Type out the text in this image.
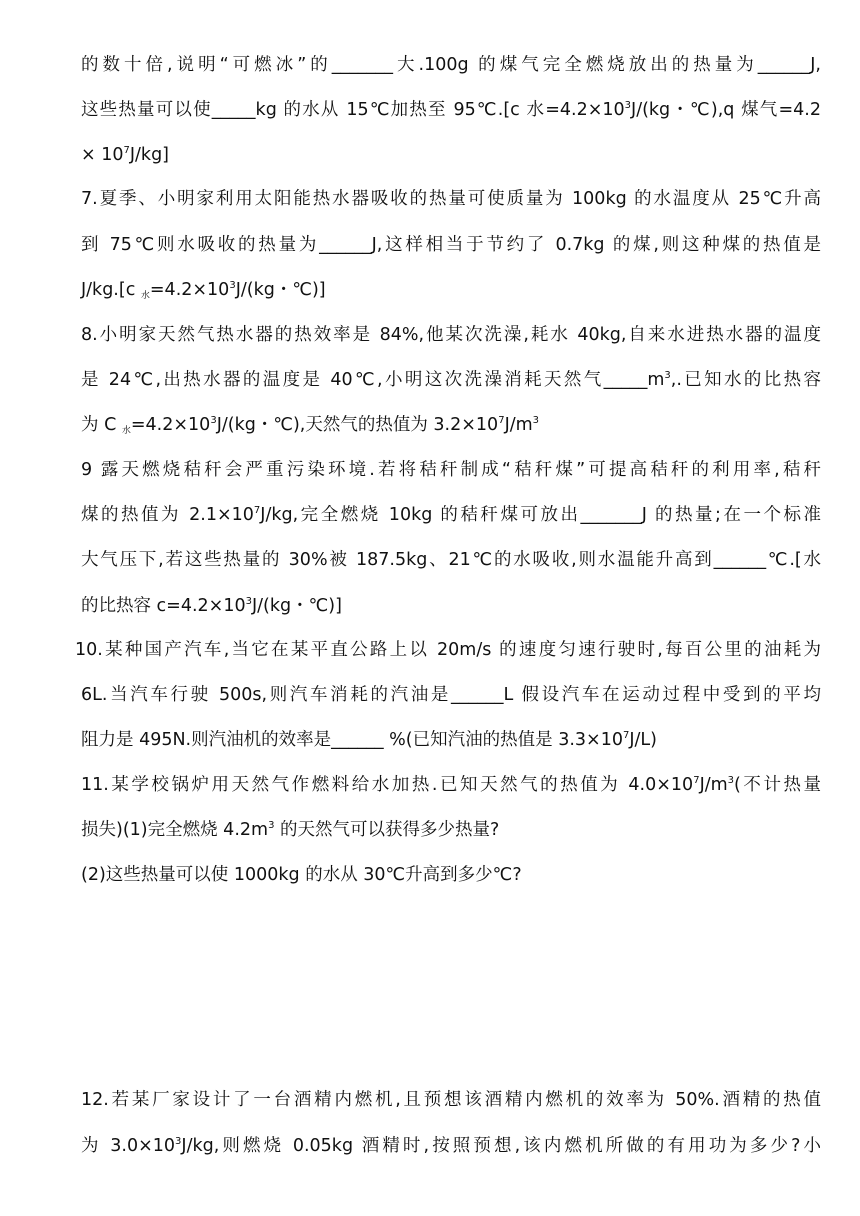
的数十倍,说明“可燃冰”的_______大.100g 的煤气完全燃烧放出的热量为______J,
这些热量可以使_____kg 的水从 15℃加热至 95℃.[c 水$=4.2\times 10^3J/(kg$・℃),q 煤气=4.2
× $10^7J/kg$]
7.夏季、小明家利用太阳能热水器吸收的热量可使质量为 100kg 的水温度从 25℃升高
到 75℃则水吸收的热量为______J,这样相当于节约了 0.7kg 的煤,则这种煤的热值是
J/kg.[c $_水=4.2\times 10^3J/(kg$・℃)]
8.小明家天然气热水器的热效率是 84%,他某次洗澡,耗水 40kg,自来水进热水器的温度
是 24℃,出热水器的温度是 40℃,小明这次洗澡消耗天然气$\_\_\_\_\_m^3$,.已知水的比热容
为 C $_水=4.2\times 10^3J/(kg$・℃),天然气的热值为 $3.2\times 10^7J/m^3$
9 露天燃烧秸秆会严重污染环境.若将秸秆制成“秸秆煤”可提高秸秆的利用率,秸秆
煤的热值为 $2.1\times 10^7J/kg$,完全燃烧 10kg 的秸秆煤可放出_______J 的热量;在一个标准
大气压下,若这些热量的 30%被 187.5kg、21℃的水吸收,则水温能升高到______℃.[水
的比热容 $c=4.2\times 10^3J/(kg$・℃)]
10.某种国产汽车,当它在某平直公路上以 20m/s 的速度匀速行驶时,每百公里的油耗为
6L.当汽车行驶 500s,则汽车消耗的汽油是______L 假设汽车在运动过程中受到的平均
阻力是 495N.则汽油机的效率是______ %(已知汽油的热值是 $3.3\times 10^7J/L$)
11.某学校锅炉用天然气作燃料给水加热.已知天然气的热值为 $4.0\times 10^7J/m^3$(不计热量
损失)(1)完全燃烧 $4.2m^3$ 的天然气可以获得多少热量?
(2)这些热量可以使 1000kg 的水从 30℃升高到多少℃?
12.若某厂家设计了一台酒精内燃机,且预想该酒精内燃机的效率为 50%.酒精的热值
为 $3.0\times 10^3J/kg$,则燃烧 0.05kg 酒精时,按照预想,该内燃机所做的有用功为多少?小
